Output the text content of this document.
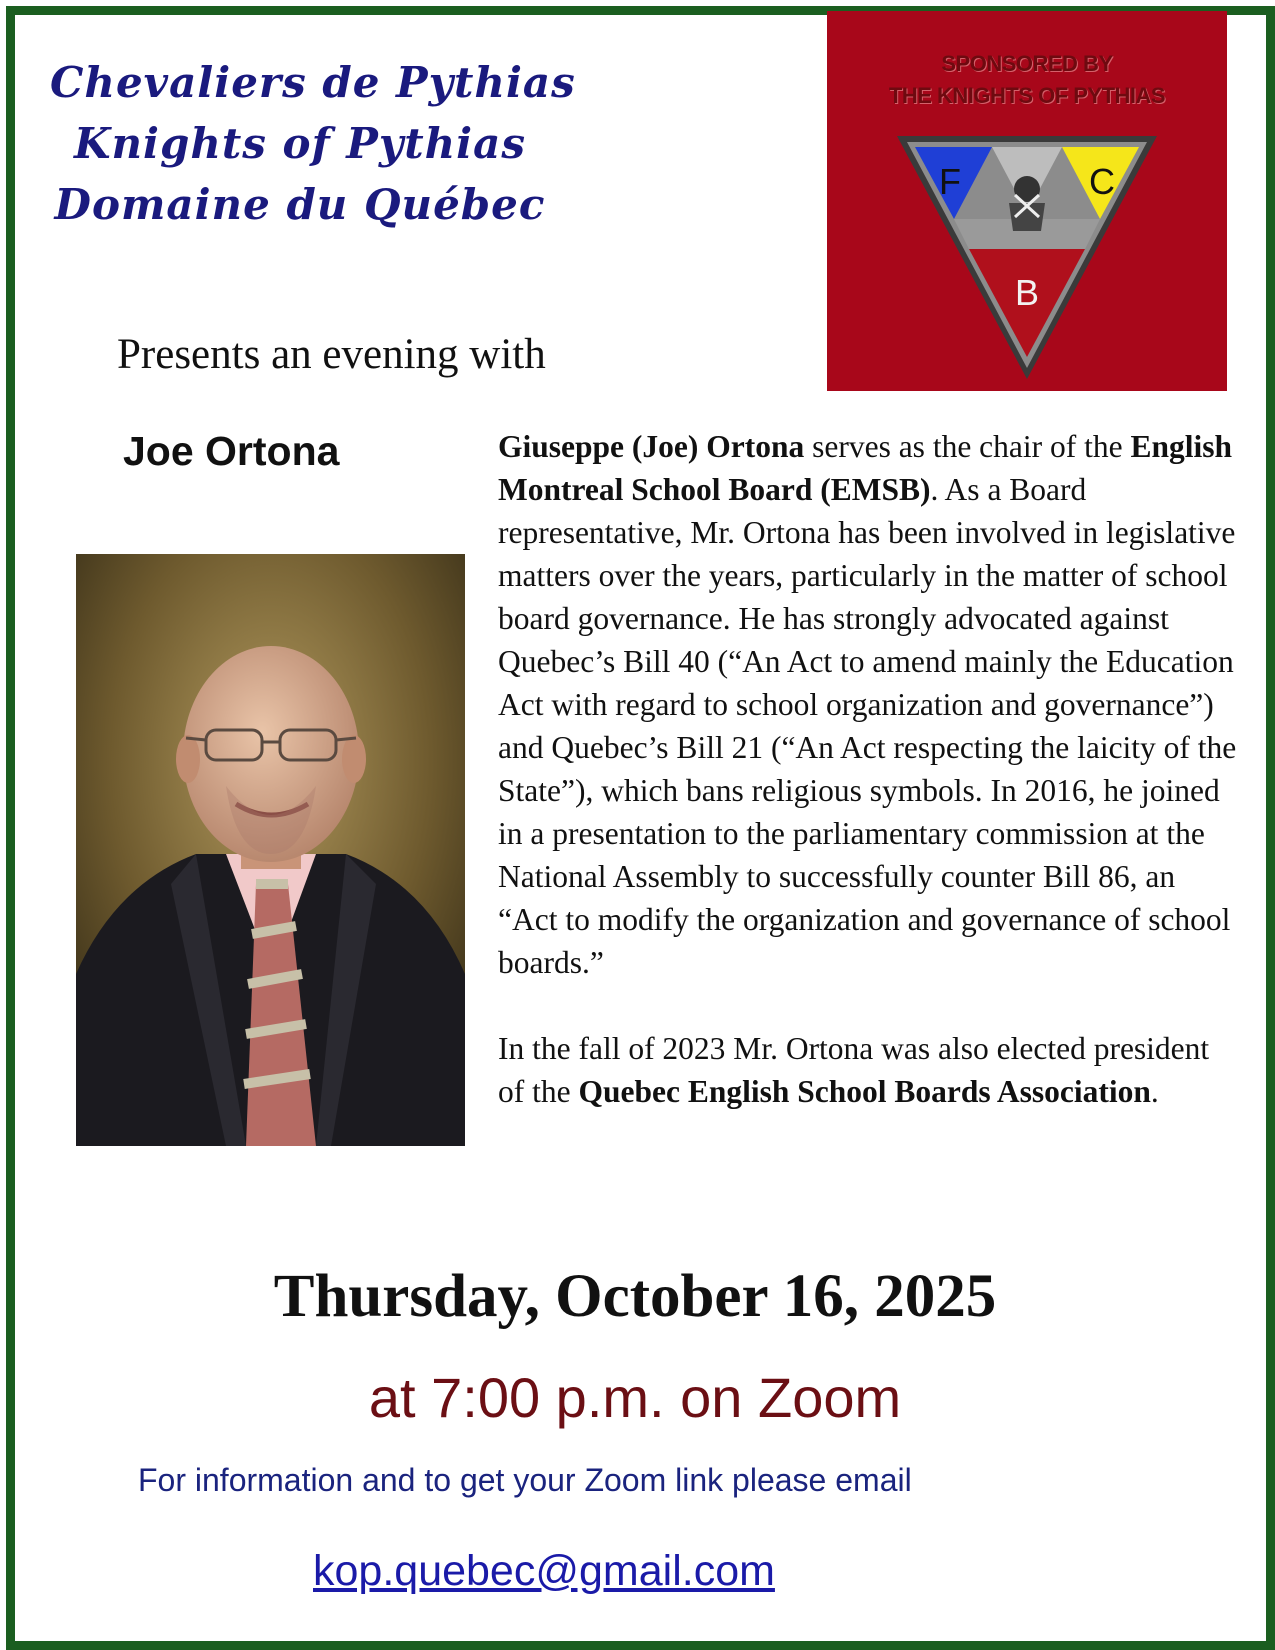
Chevaliers de Pythias
Knights of Pythias
Domaine du Québec
SPONSORED BY
THE KNIGHTS OF PYTHIAS
F	C
B
Presents an evening with
Joe Ortona	Giuseppe (Joe) Ortona serves as the chair of the English Montreal School Board (EMSB). As a Board representative, Mr. Ortona has been involved in legislative matters over the years, particularly in the matter of school board governance. He has strongly advocated against Quebec’s Bill 40 (“An Act to amend mainly the Education Act with regard to school organization and governance”) and Quebec’s Bill 21 (“An Act respecting the laicity of the State”), which bans religious symbols. In 2016, he joined in a presentation to the parliamentary commission at the National Assembly to successfully counter Bill 86, an “Act to modify the organization and governance of school boards.”

In the fall of 2023 Mr. Ortona was also elected president of the Quebec English School Boards Association.

Thursday, October 16, 2025
at 7:00 p.m. on Zoom
For information and to get your Zoom link please email
kop.quebec@gmail.com
